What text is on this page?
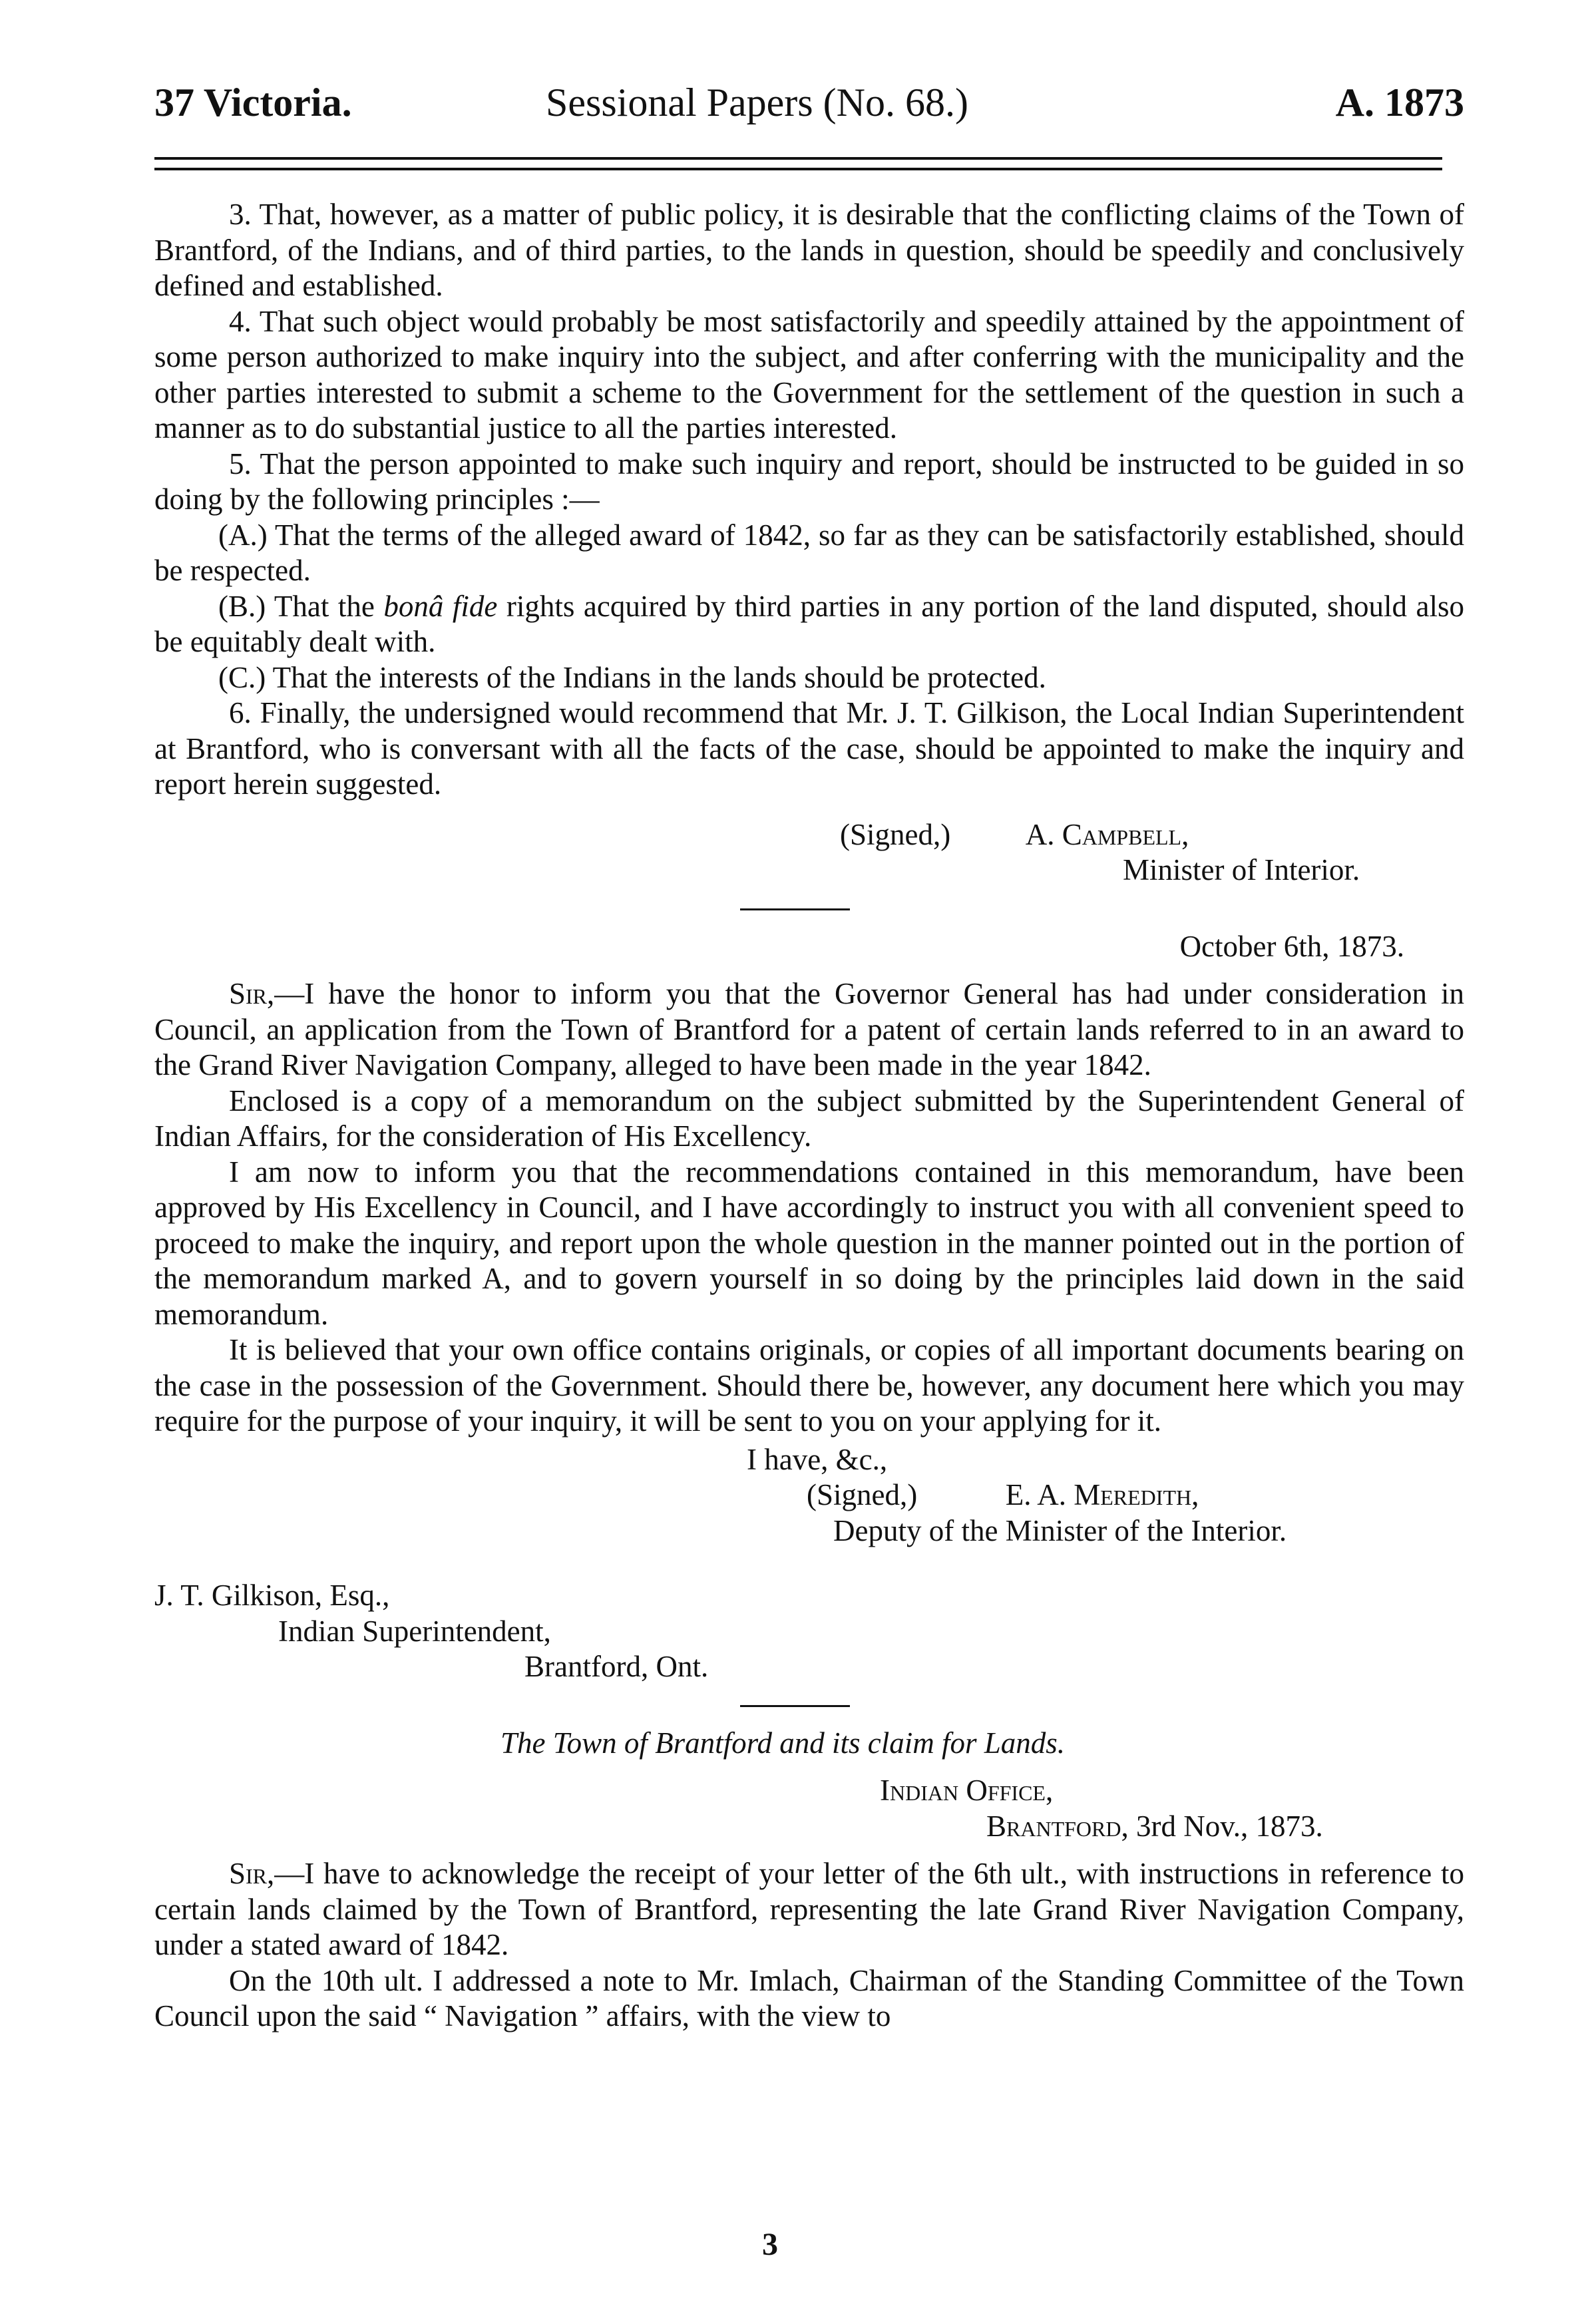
37 Victoria.	Sessional Papers (No. 68.)	A. 1873

3. That, however, as a matter of public policy, it is desirable that the conflicting claims of the Town of Brantford, of the Indians, and of third parties, to the lands in question, should be speedily and conclusively defined and established.

4. That such object would probably be most satisfactorily and speedily attained by the appointment of some person authorized to make inquiry into the subject, and after conferring with the municipality and the other parties interested to submit a scheme to the Government for the settlement of the question in such a manner as to do substantial justice to all the parties interested.

5. That the person appointed to make such inquiry and report, should be instructed to be guided in so doing by the following principles :—

(A.) That the terms of the alleged award of 1842, so far as they can be satisfactorily established, should be respected.

(B.) That the bonâ fide rights acquired by third parties in any portion of the land disputed, should also be equitably dealt with.

(C.) That the interests of the Indians in the lands should be protected.

6. Finally, the undersigned would recommend that Mr. J. T. Gilkison, the Local Indian Superintendent at Brantford, who is conversant with all the facts of the case, should be appointed to make the inquiry and report herein suggested.

(Signed,)	A. Campbell,

Minister of Interior.

October 6th, 1873.

Sir,—I have the honor to inform you that the Governor General has had under consideration in Council, an application from the Town of Brantford for a patent of certain lands referred to in an award to the Grand River Navigation Company, alleged to have been made in the year 1842.

Enclosed is a copy of a memorandum on the subject submitted by the Superintendent General of Indian Affairs, for the consideration of His Excellency.

I am now to inform you that the recommendations contained in this memorandum, have been approved by His Excellency in Council, and I have accordingly to instruct you with all convenient speed to proceed to make the inquiry, and report upon the whole question in the manner pointed out in the portion of the memorandum marked A, and to govern yourself in so doing by the principles laid down in the said memorandum.

It is believed that your own office contains originals, or copies of all important documents bearing on the case in the possession of the Government. Should there be, however, any document here which you may require for the purpose of your inquiry, it will be sent to you on your applying for it.

I have, &c.,

(Signed,)	E. A. Meredith,

Deputy of the Minister of the Interior.

J. T. Gilkison, Esq.,

Indian Superintendent,

Brantford, Ont.

The Town of Brantford and its claim for Lands.

Indian Office,

Brantford, 3rd Nov., 1873.

Sir,—I have to acknowledge the receipt of your letter of the 6th ult., with instructions in reference to certain lands claimed by the Town of Brantford, representing the late Grand River Navigation Company, under a stated award of 1842.

On the 10th ult. I addressed a note to Mr. Imlach, Chairman of the Standing Committee of the Town Council upon the said “ Navigation ” affairs, with the view to

3
